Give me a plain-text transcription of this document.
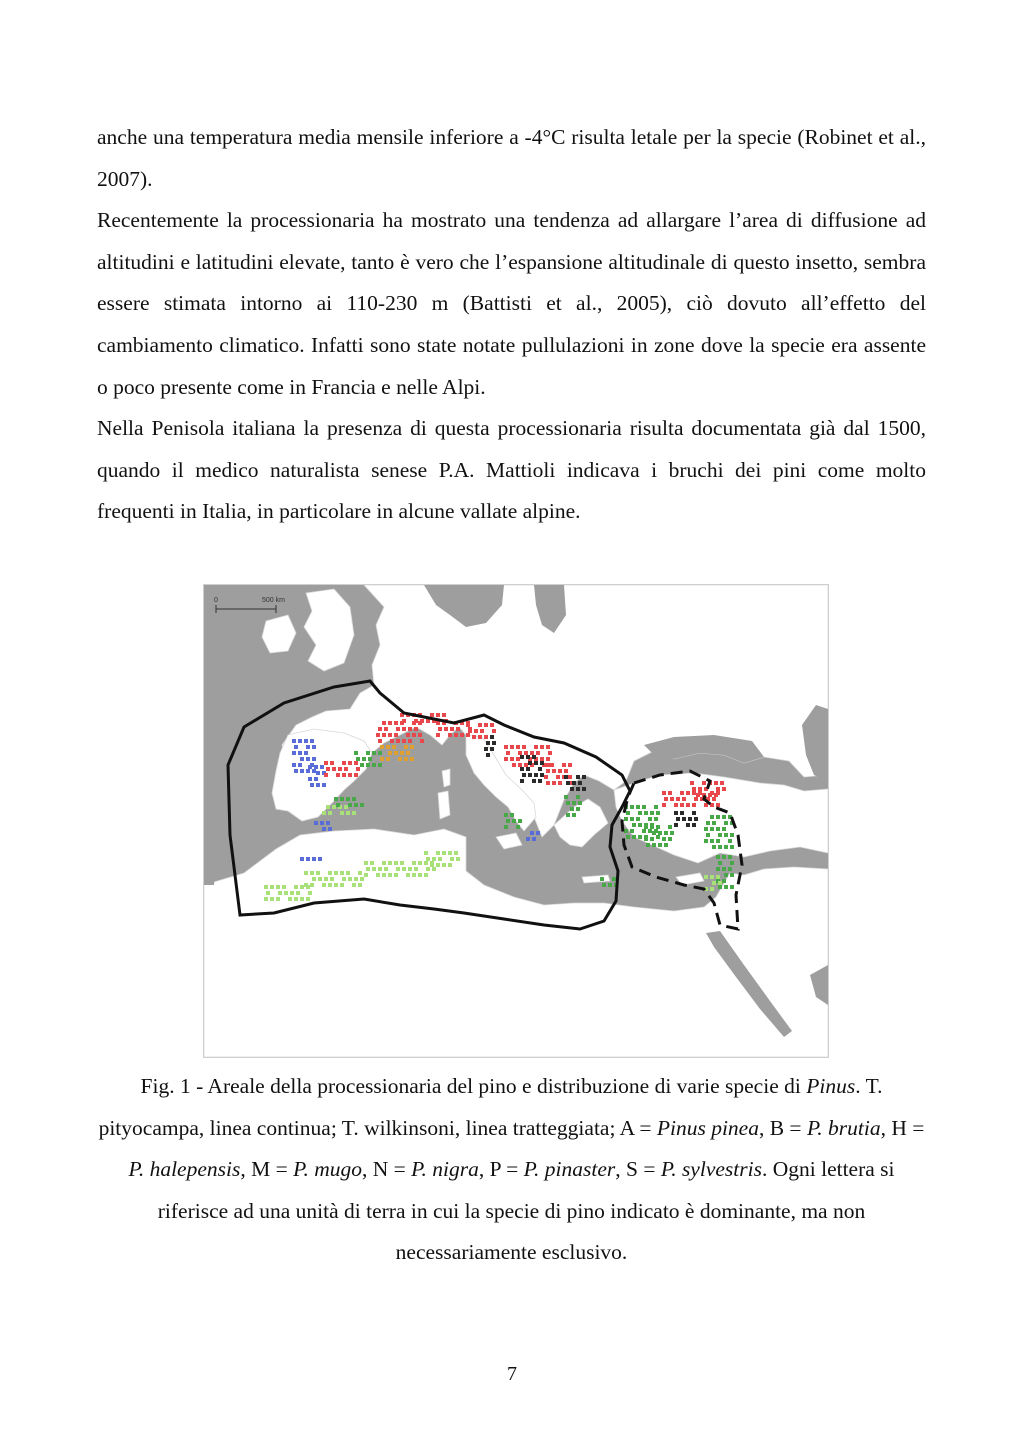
anche una temperatura media mensile inferiore a -4°C risulta letale per la specie (Robinet et al., 2007).

Recentemente la processionaria ha mostrato una tendenza ad allargare l’area di diffusione ad altitudini e latitudini elevate, tanto è vero che l’espansione altitudinale di questo insetto, sembra essere stimata intorno ai 110-230 m (Battisti et al., 2005), ciò dovuto all’effetto del cambiamento climatico. Infatti sono state notate pullulazioni in zone dove la specie era assente o poco presente come in Francia e nelle Alpi.

Nella Penisola italiana la presenza di questa processionaria risulta documentata già dal 1500, quando il medico naturalista senese P.A. Mattioli indicava i bruchi dei pini come molto frequenti in Italia, in particolare in alcune vallate alpine.

0	500 km
Fig. 1 - Areale della processionaria del pino e distribuzione di varie specie di Pinus. T. pityocampa, linea continua; T. wilkinsoni, linea tratteggiata; A = Pinus pinea, B = P. brutia, H = P. halepensis, M = P. mugo, N = P. nigra, P = P. pinaster, S = P. sylvestris. Ogni lettera si riferisce ad una unità di terra in cui la specie di pino indicato è dominante, ma non necessariamente esclusivo.
7
